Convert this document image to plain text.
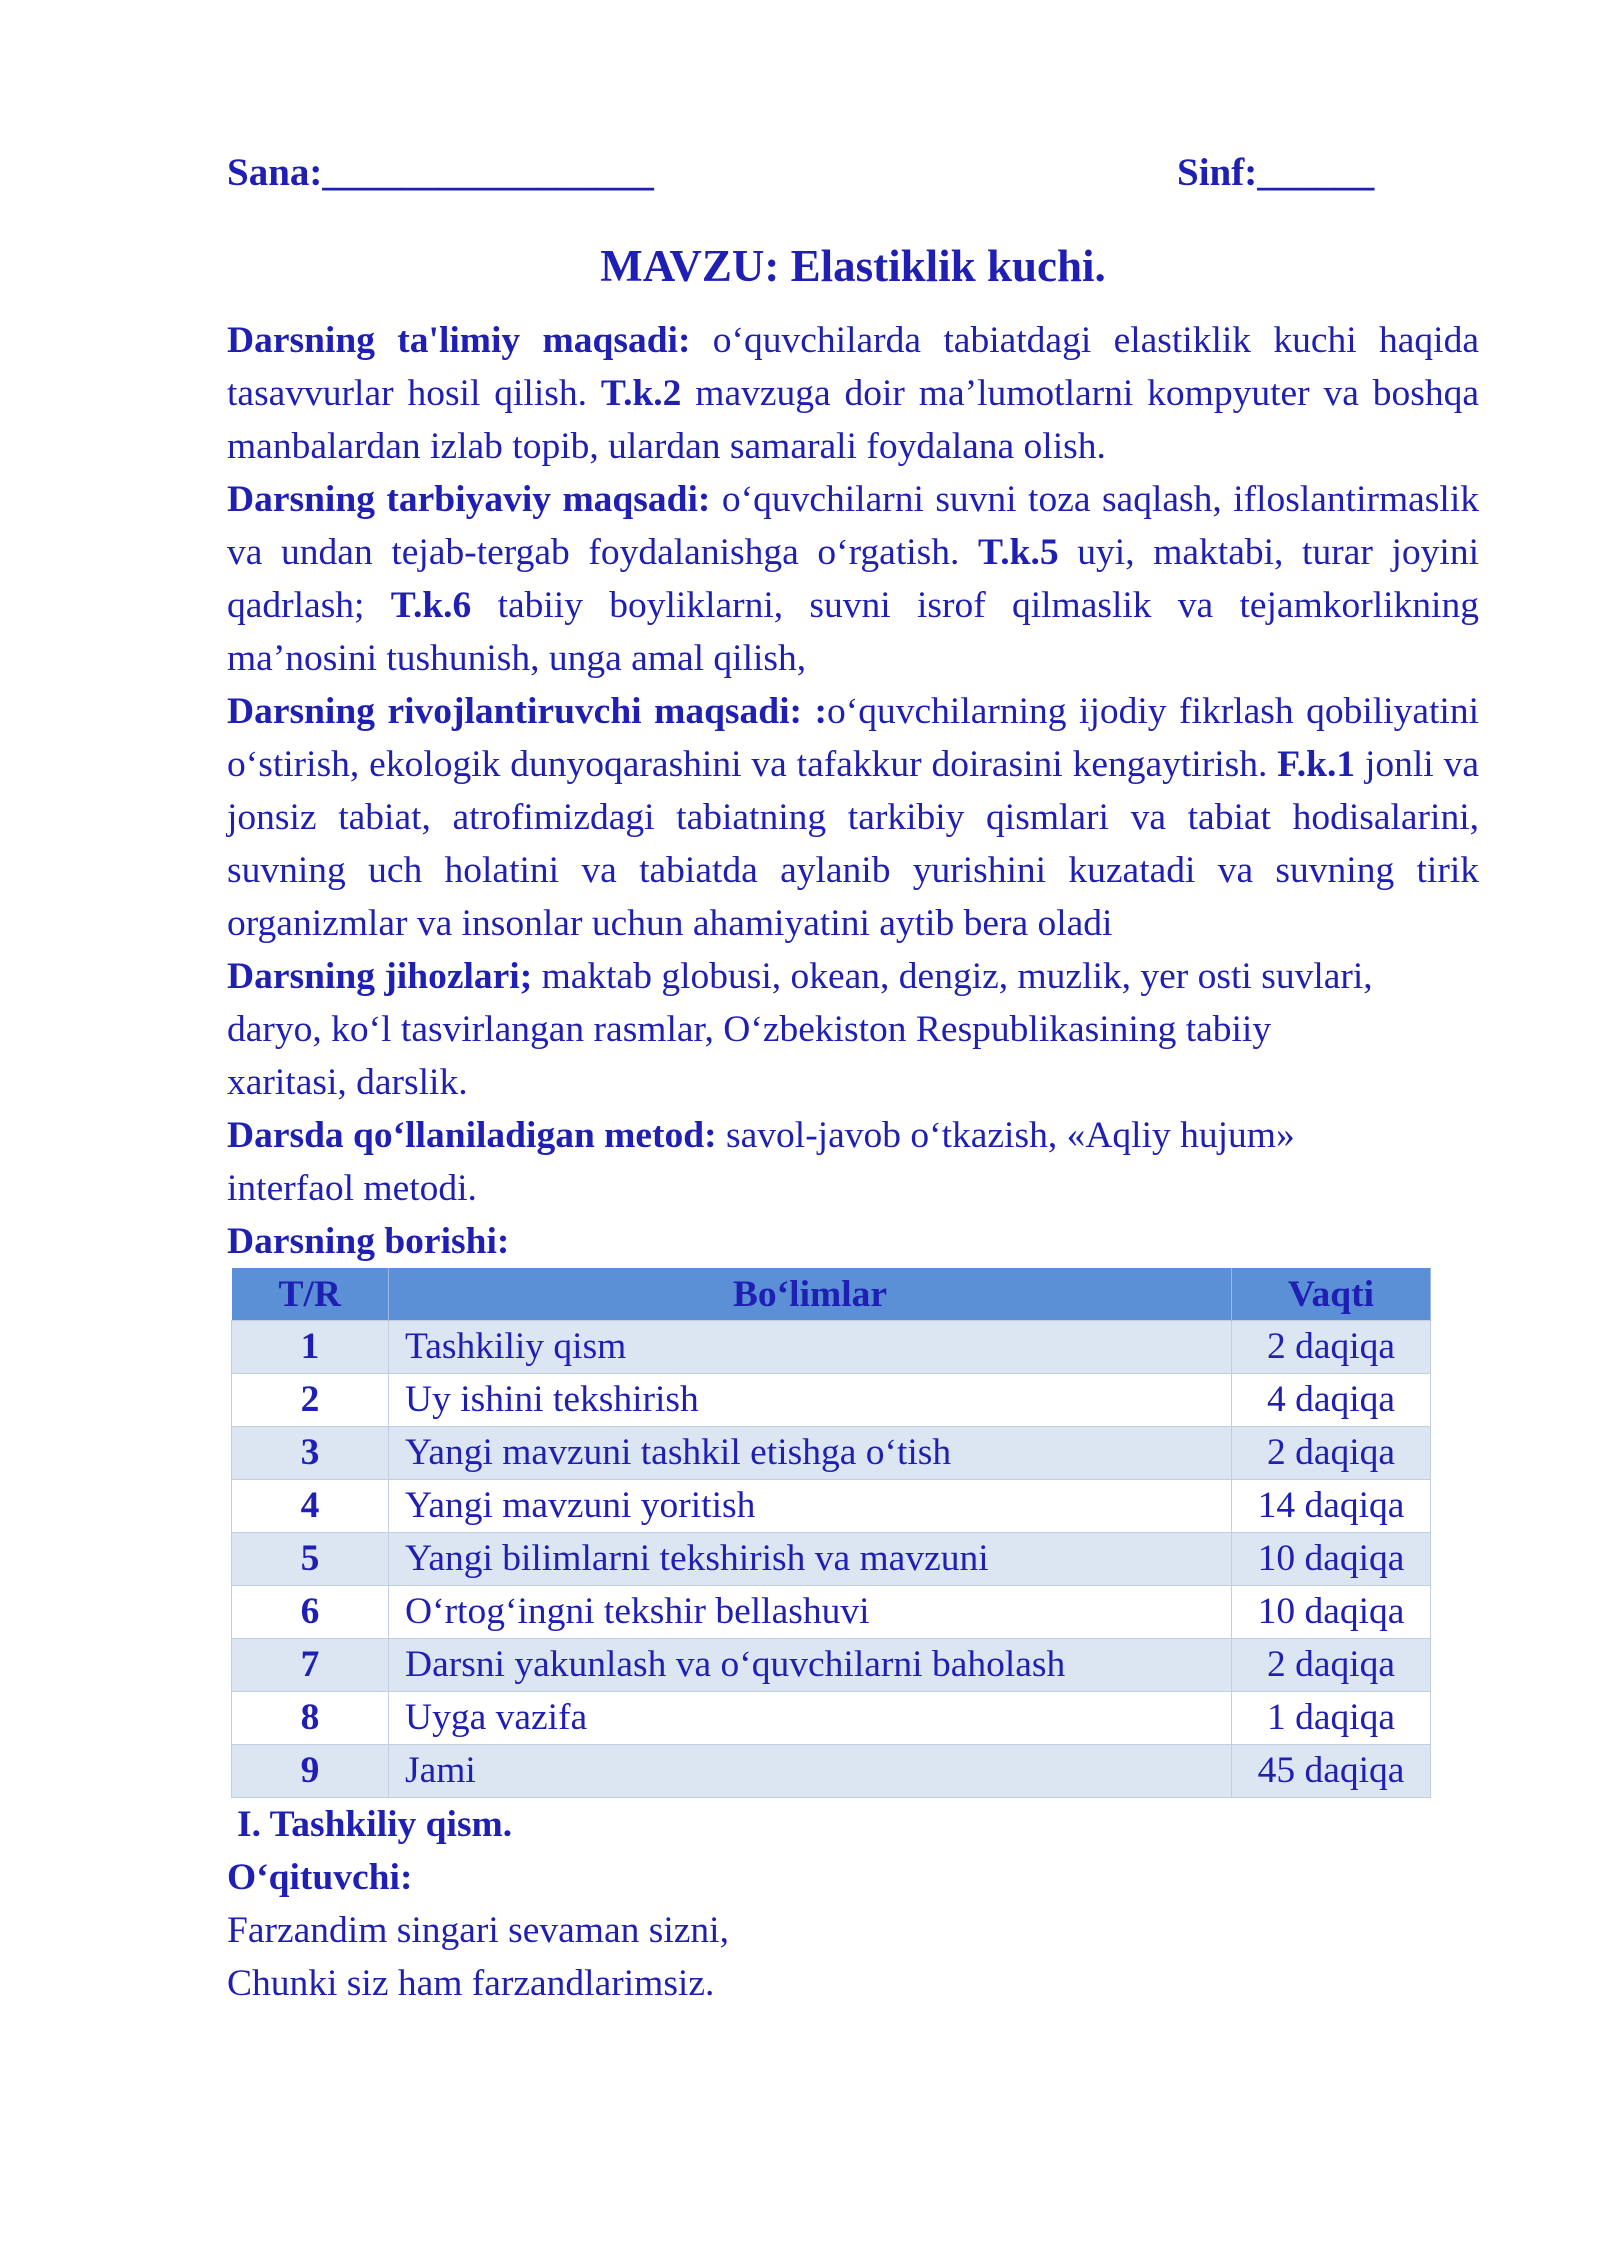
Sana:_________________	Sinf:______
MAVZU: Elastiklik kuchi.

Darsning ta'limiy maqsadi: o‘quvchilarda tabiatdagi elastiklik kuchi haqida tasavvurlar hosil qilish. T.k.2 mavzuga doir ma’lumotlarni kompyuter va boshqa manbalardan izlab topib, ulardan samarali foydalana olish.

Darsning tarbiyaviy maqsadi: o‘quvchilarni suvni toza saqlash, ifloslantirmaslik va undan tejab-tergab foydalanishga o‘rgatish. T.k.5 uyi, maktabi, turar joyini qadrlash; T.k.6 tabiiy boyliklarni, suvni isrof qilmaslik va tejamkorlikning ma’nosini tushunish, unga amal qilish,

Darsning rivojlantiruvchi maqsadi: :o‘quvchilarning ijodiy fikrlash qobiliyatini o‘stirish, ekologik dunyoqarashini va tafakkur doirasini kengaytirish. F.k.1 jonli va jonsiz tabiat, atrofimizdagi tabiatning tarkibiy qismlari va tabiat hodisalarini, suvning uch holatini va tabiatda aylanib yurishini kuzatadi va suvning tirik organizmlar va insonlar uchun ahamiyatini aytib bera oladi

Darsning jihozlari; maktab globusi, okean, dengiz, muzlik, yer osti suvlari,
daryo, ko‘l tasvirlangan rasmlar, O‘zbekiston Respublikasining tabiiy
xaritasi, darslik.

Darsda qo‘llaniladigan metod: savol-javob o‘tkazish, «Aqliy hujum»
interfaol metodi.

Darsning borishi:

T/R	Bo‘limlar	Vaqti
1	Tashkiliy qism	2 daqiqa
2	Uy ishini tekshirish	4 daqiqa
3	Yangi mavzuni tashkil etishga o‘tish	2 daqiqa
4	Yangi mavzuni yoritish	14 daqiqa
5	Yangi bilimlarni tekshirish va mavzuni	10 daqiqa
6	O‘rtog‘ingni tekshir bellashuvi	10 daqiqa
7	Darsni yakunlash va o‘quvchilarni baholash	2 daqiqa
8	Uyga vazifa	1 daqiqa
9	Jami	45 daqiqa

I. Tashkiliy qism.

O‘qituvchi:

Farzandim singari sevaman sizni,

Chunki siz ham farzandlarimsiz.
